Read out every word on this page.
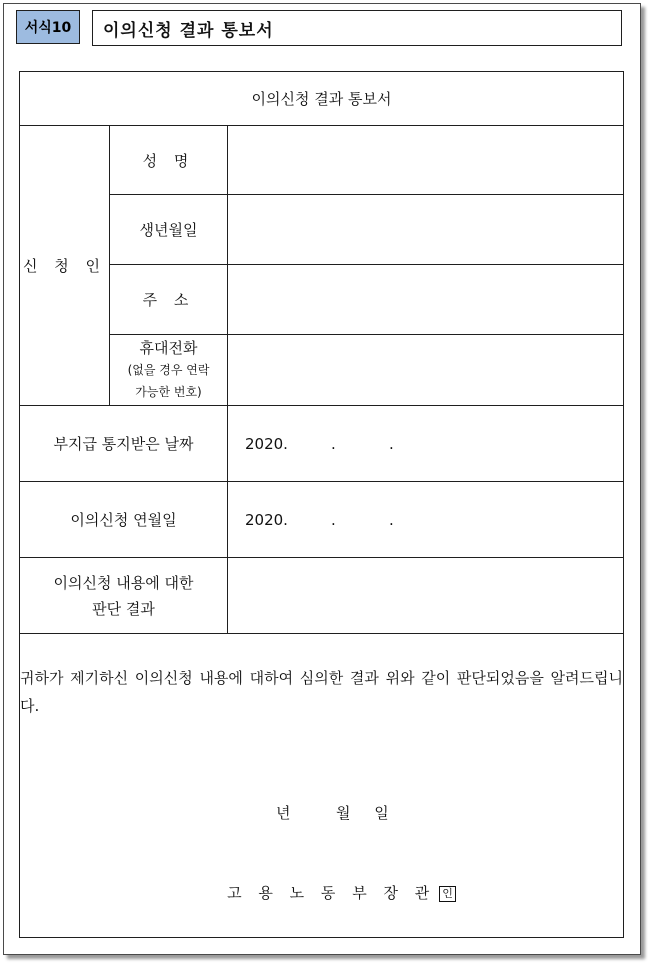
서식10	이의신청 결과 통보서
이의신청 결과 통보서		
신 청 인	성 명	
	생년월일	
	주 소	

	휴대전화
(없을 경우 연락
가능한 번호)	

부지급 통지받은 날짜		2020. . .
이의신청 연월일		2020. . .

이의신청 내용에 대한
판단 결과		

귀하가 제기하신 이의신청 내용에 대하여 심의한 결과 위와 같이 판단되었음을 알려드립니다.

년 월 일
고 용 노 동 부 장 관 인		
